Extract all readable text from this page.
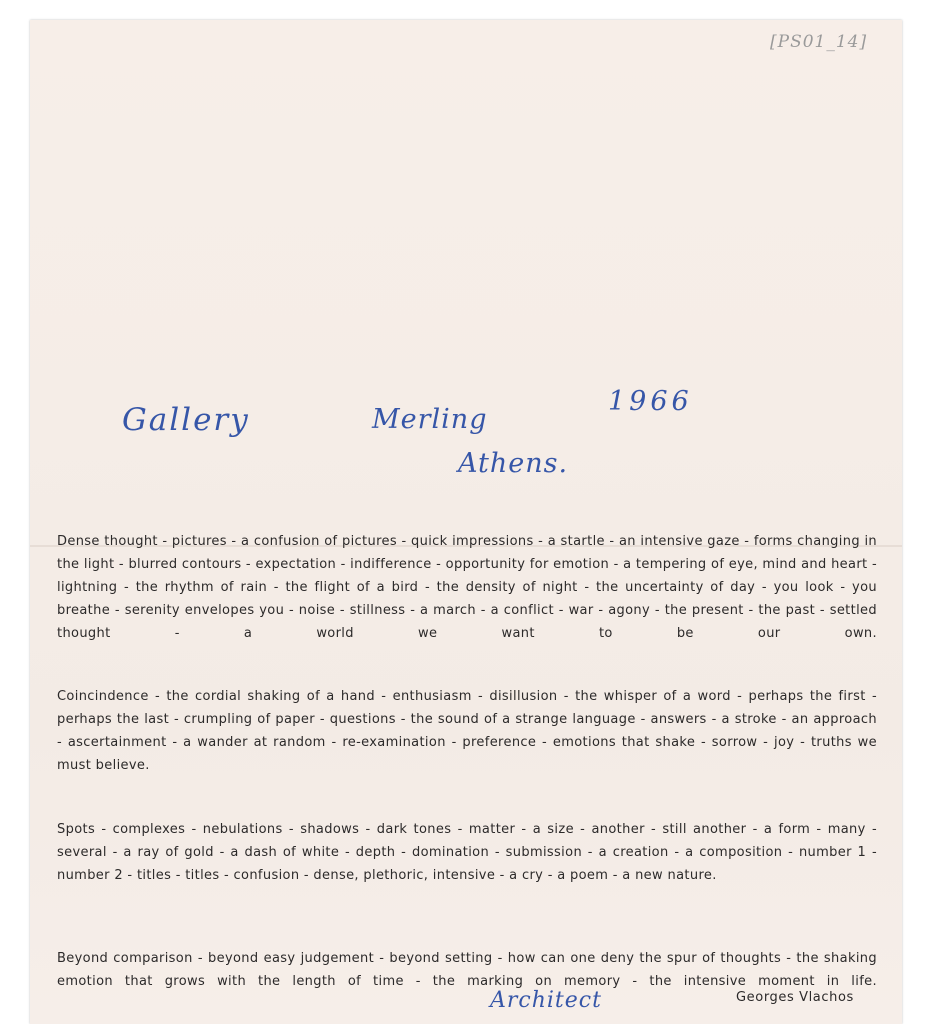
[PS01_14]
Gallery	Merling
1966
Athens.

Dense thought - pictures - a confusion of pictures - quick impressions - a startle - an intensive gaze - forms changing in the light - blurred contours - expectation - indifference - opportunity for emotion - a tempering of eye, mind and heart - lightning - the rhythm of rain - the flight of a bird - the density of night - the uncertainty of day - you look - you breathe - serenity envelopes you - noise - stillness - a march - a conflict - war - agony - the present - the past - settled thought - a world we want to be our own.

Coincindence - the cordial shaking of a hand - enthusiasm - disillusion - the whisper of a word - perhaps the first - perhaps the last - crumpling of paper - questions - the sound of a strange language - answers - a stroke - an approach - ascertainment - a wander at random - re-examination - preference - emotions that shake - sorrow - joy - truths we must believe.

Spots - complexes - nebulations - shadows - dark tones - matter - a size - another - still another - a form - many - several - a ray of gold - a dash of white - depth - domination - submission - a creation - a composition - number 1 - number 2 - titles - titles - confusion - dense, plethoric, intensive - a cry - a poem - a new nature.

Beyond comparison - beyond easy judgement - beyond setting - how can one deny the spur of thoughts - the shaking emotion that grows with the length of time - the marking on memory - the intensive moment in life.

Architect	Georges Vlachos
